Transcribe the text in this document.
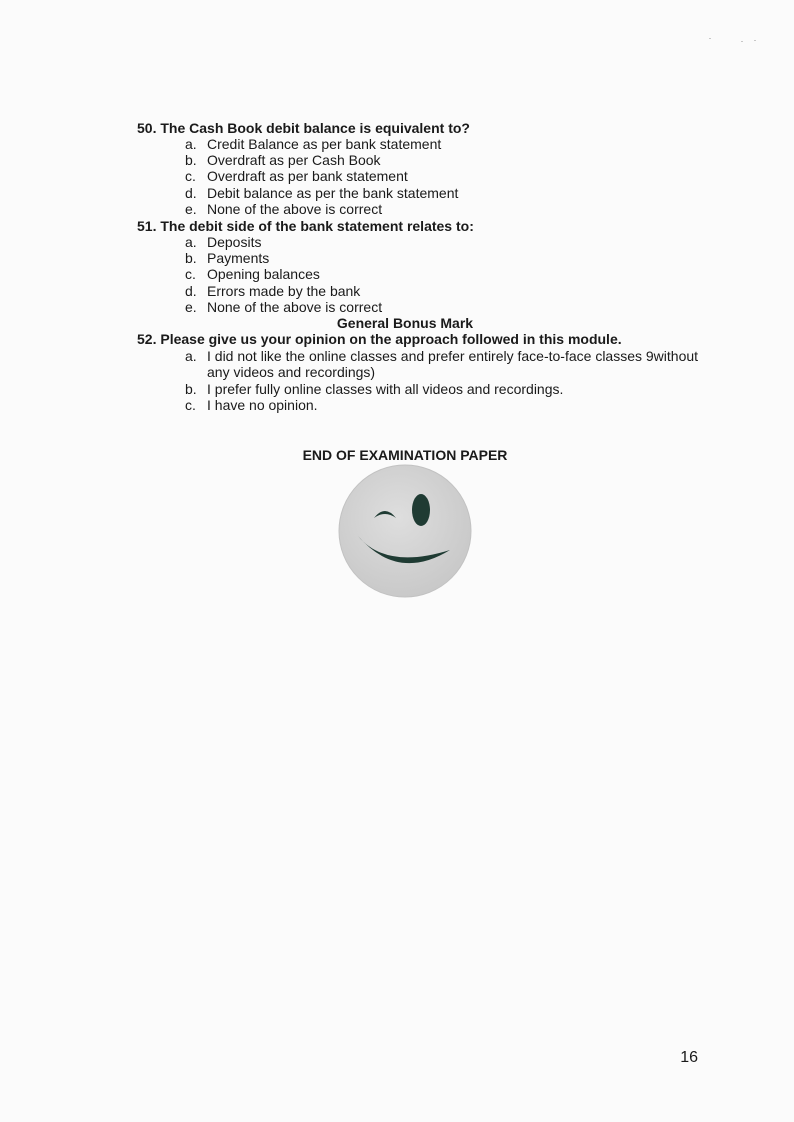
50. The Cash Book debit balance is equivalent to?
a. Credit Balance as per bank statement
b. Overdraft as per Cash Book
c. Overdraft as per bank statement
d. Debit balance as per the bank statement
e. None of the above is correct
51. The debit side of the bank statement relates to:
a. Deposits
b. Payments
c. Opening balances
d. Errors made by the bank
e. None of the above is correct
General Bonus Mark
52. Please give us your opinion on the approach followed in this module.
a. I did not like the online classes and prefer entirely face-to-face classes 9without any videos and recordings)
b. I prefer fully online classes with all videos and recordings.
c. I have no opinion.
END OF EXAMINATION PAPER
16
